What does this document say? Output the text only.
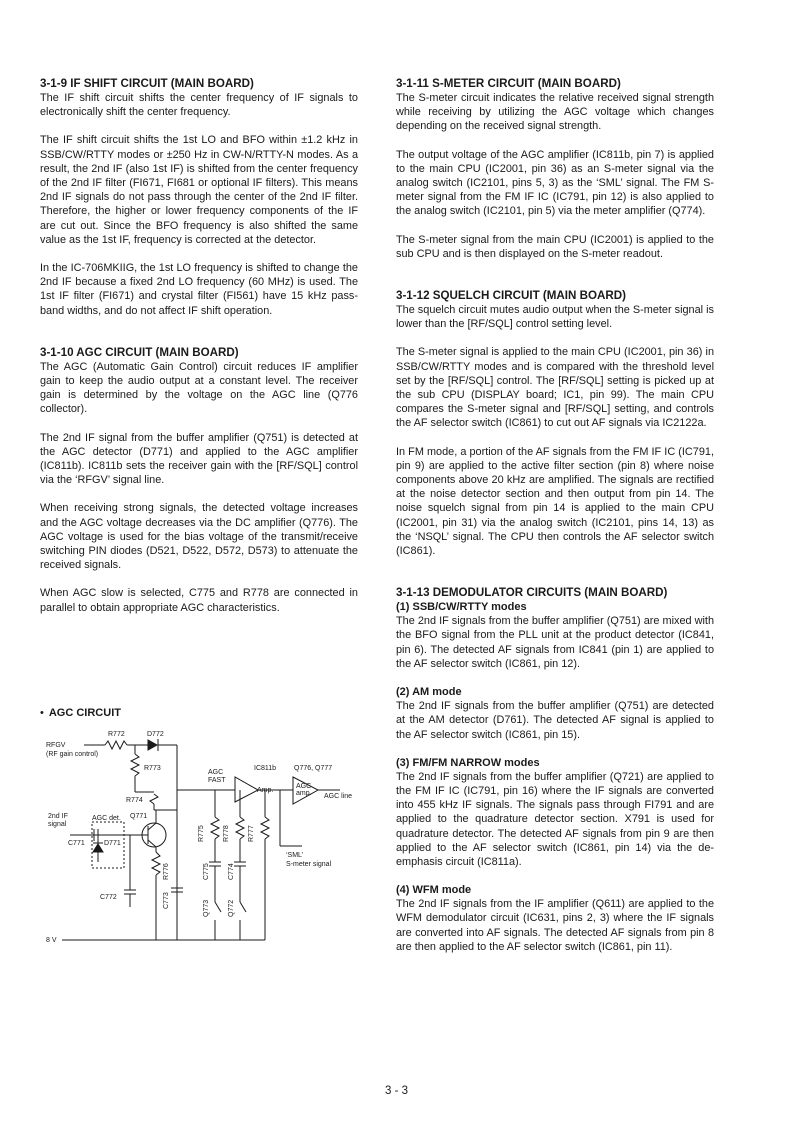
3-1-9 IF SHIFT CIRCUIT (MAIN BOARD)

The IF shift circuit shifts the center frequency of IF signals to electronically shift the center frequency.

The IF shift circuit shifts the 1st LO and BFO within ±1.2 kHz in SSB/CW/RTTY modes or ±250 Hz in CW-N/RTTY-N modes. As a result, the 2nd IF (also 1st IF) is shifted from the center frequency of the 2nd IF filter (FI671, FI681 or optional IF filters). This means 2nd IF signals do not pass through the center of the 2nd IF filter. Therefore, the higher or lower frequency components of the IF are cut out. Since the BFO frequency is also shifted the same value as the 1st IF, frequency is corrected at the detector.

In the IC-706MKIIG, the 1st LO frequency is shifted to change the 2nd IF because a fixed 2nd LO frequency (60 MHz) is used. The 1st IF filter (FI671) and crystal filter (FI561) have 15 kHz pass-band widths, and do not affect IF shift operation.

3-1-10 AGC CIRCUIT (MAIN BOARD)

The AGC (Automatic Gain Control) circuit reduces IF amplifier gain to keep the audio output at a constant level. The receiver gain is determined by the voltage on the AGC line (Q776 collector).

The 2nd IF signal from the buffer amplifier (Q751) is detected at the AGC detector (D771) and applied to the AGC amplifier (IC811b). IC811b sets the receiver gain with the [RF/SQL] control via the ‘RFGV’ signal line.

When receiving strong signals, the detected voltage increases and the AGC voltage decreases via the DC amplifier (Q776). The AGC voltage is used for the bias voltage of the transmit/receive switching PIN diodes (D521, D522, D572, D573) to attenuate the received signals.

When AGC slow is selected, C775 and R778 are connected in parallel to obtain appropriate AGC characteristics.

• AGC CIRCUIT
R772	D772
RFGV
(RF gain control)
R773
AGC
FAST
IC811b	Q776, Q777
Amp.
AGC
amp. AGC line
R774
2nd IF
signal
AGC det. Q771
C771	D771
R775	R778	R777
R776	C775	C774
C773	Q773	Q772
C772
‘SML’
S-meter signal
8 V
3-1-11 S-METER CIRCUIT (MAIN BOARD)

The S-meter circuit indicates the relative received signal strength while receiving by utilizing the AGC voltage which changes depending on the received signal strength.

The output voltage of the AGC amplifier (IC811b, pin 7) is applied to the main CPU (IC2001, pin 36) as an S-meter signal via the analog switch (IC2101, pins 5, 3) as the ‘SML’ signal. The FM S-meter signal from the FM IF IC (IC791, pin 12) is also applied to the analog switch (IC2101, pin 5) via the meter amplifier (Q774).

The S-meter signal from the main CPU (IC2001) is applied to the sub CPU and is then displayed on the S-meter readout.

3-1-12 SQUELCH CIRCUIT (MAIN BOARD)

The squelch circuit mutes audio output when the S-meter signal is lower than the [RF/SQL] control setting level.

The S-meter signal is applied to the main CPU (IC2001, pin 36) in SSB/CW/RTTY modes and is compared with the threshold level set by the [RF/SQL] control. The [RF/SQL] setting is picked up at the sub CPU (DISPLAY board; IC1, pin 99). The main CPU compares the S-meter signal and [RF/SQL] setting, and controls the AF selector switch (IC861) to cut out AF signals via IC2122a.

In FM mode, a portion of the AF signals from the FM IF IC (IC791, pin 9) are applied to the active filter section (pin 8) where noise components above 20 kHz are amplified. The signals are rectified at the noise detector section and then output from pin 14. The noise squelch signal from pin 14 is applied to the main CPU (IC2001, pin 31) via the analog switch (IC2101, pins 14, 13) as the ‘NSQL’ signal. The CPU then controls the AF selector switch (IC861).

3-1-13 DEMODULATOR CIRCUITS (MAIN BOARD)
(1) SSB/CW/RTTY modes

The 2nd IF signals from the buffer amplifier (Q751) are mixed with the BFO signal from the PLL unit at the product detector (IC841, pin 6). The detected AF signals from IC841 (pin 1) are applied to the AF selector switch (IC861, pin 12).

(2) AM mode

The 2nd IF signals from the buffer amplifier (Q751) are detected at the AM detector (D761). The detected AF signal is applied to the AF selector switch (IC861, pin 15).

(3) FM/FM NARROW modes

The 2nd IF signals from the buffer amplifier (Q721) are applied to the FM IF IC (IC791, pin 16) where the IF signals are converted into 455 kHz IF signals. The signals pass through FI791 and are applied to the quadrature detector section. X791 is used for quadrature detector. The detected AF signals from pin 9 are then applied to the AF selector switch (IC861, pin 14) via the de-emphasis circuit (IC811a).

(4) WFM mode

The 2nd IF signals from the IF amplifier (Q611) are applied to the WFM demodulator circuit (IC631, pins 2, 3) where the IF signals are converted into AF signals. The detected AF signals from pin 8 are then applied to the AF selector switch (IC861, pin 11).

3 - 3
